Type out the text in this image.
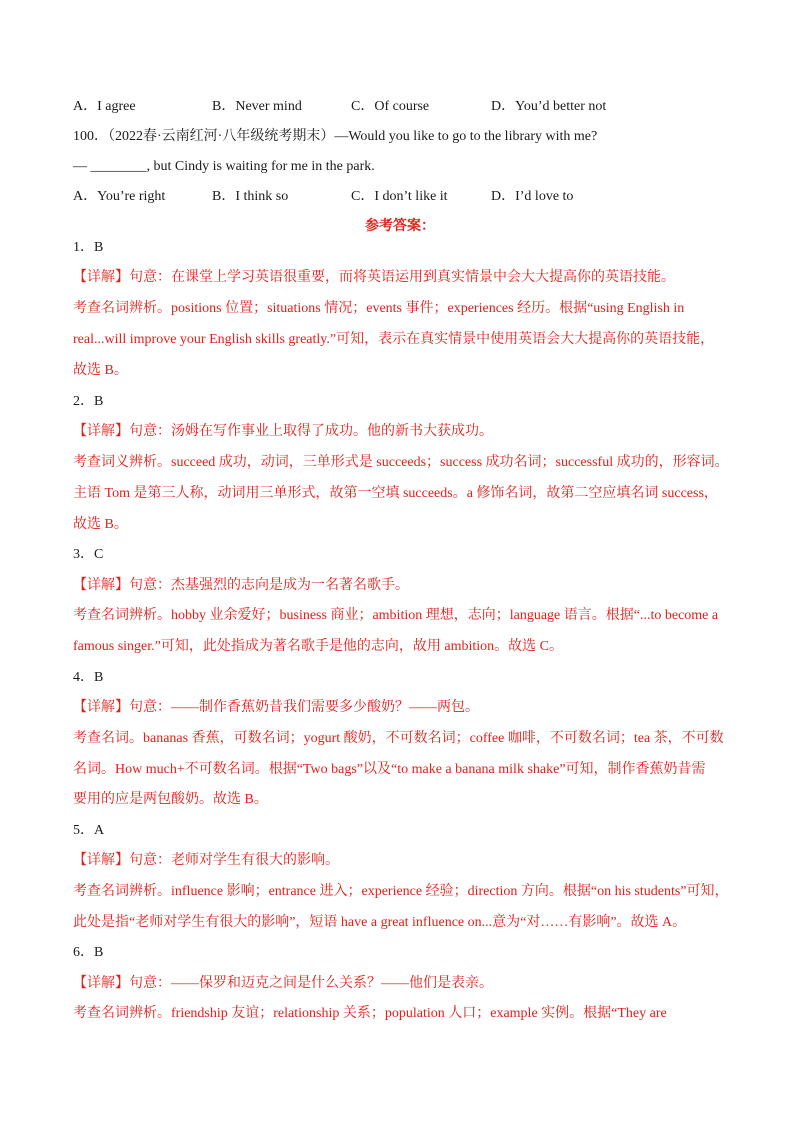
A．I agree	B．Never mind	C．Of course	D．You’d better not
100．（2022春·云南红河·八年级统考期末）—Would you like to go to the library with me?
— ________, but Cindy is waiting for me in the park.
A．You’re right	B．I think so	C．I don’t like it	D．I’d love to
参考答案：
1．B
【详解】句意：在课堂上学习英语很重要，而将英语运用到真实情景中会大大提高你的英语技能。
考查名词辨析。positions 位置；situations 情况；events 事件；experiences 经历。根据“using English in
real...will improve your English skills greatly.”可知，表示在真实情景中使用英语会大大提高你的英语技能，
故选 B。
2．B
【详解】句意：汤姆在写作事业上取得了成功。他的新书大获成功。
考查词义辨析。succeed 成功，动词，三单形式是 succeeds；success 成功名词；successful 成功的，形容词。
主语 Tom 是第三人称，动词用三单形式，故第一空填 succeeds。a 修饰名词，故第二空应填名词 success，
故选 B。
3．C
【详解】句意：杰基强烈的志向是成为一名著名歌手。
考查名词辨析。hobby 业余爱好；business 商业；ambition 理想，志向；language 语言。根据“...to become a
famous singer.”可知，此处指成为著名歌手是他的志向，故用 ambition。故选 C。
4．B
【详解】句意：——制作香蕉奶昔我们需要多少酸奶？——两包。
考查名词。bananas 香蕉，可数名词；yogurt 酸奶，不可数名词；coffee 咖啡，不可数名词；tea 茶，不可数
名词。How much+不可数名词。根据“Two bags”以及“to make a banana milk shake”可知，制作香蕉奶昔需
要用的应是两包酸奶。故选 B。
5．A
【详解】句意：老师对学生有很大的影响。
考查名词辨析。influence 影响；entrance 进入；experience 经验；direction 方向。根据“on his students”可知，
此处是指“老师对学生有很大的影响”，短语 have a great influence on...意为“对……有影响”。故选 A。
6．B
【详解】句意：——保罗和迈克之间是什么关系？——他们是表亲。
考查名词辨析。friendship 友谊；relationship 关系；population 人口；example 实例。根据“They are
